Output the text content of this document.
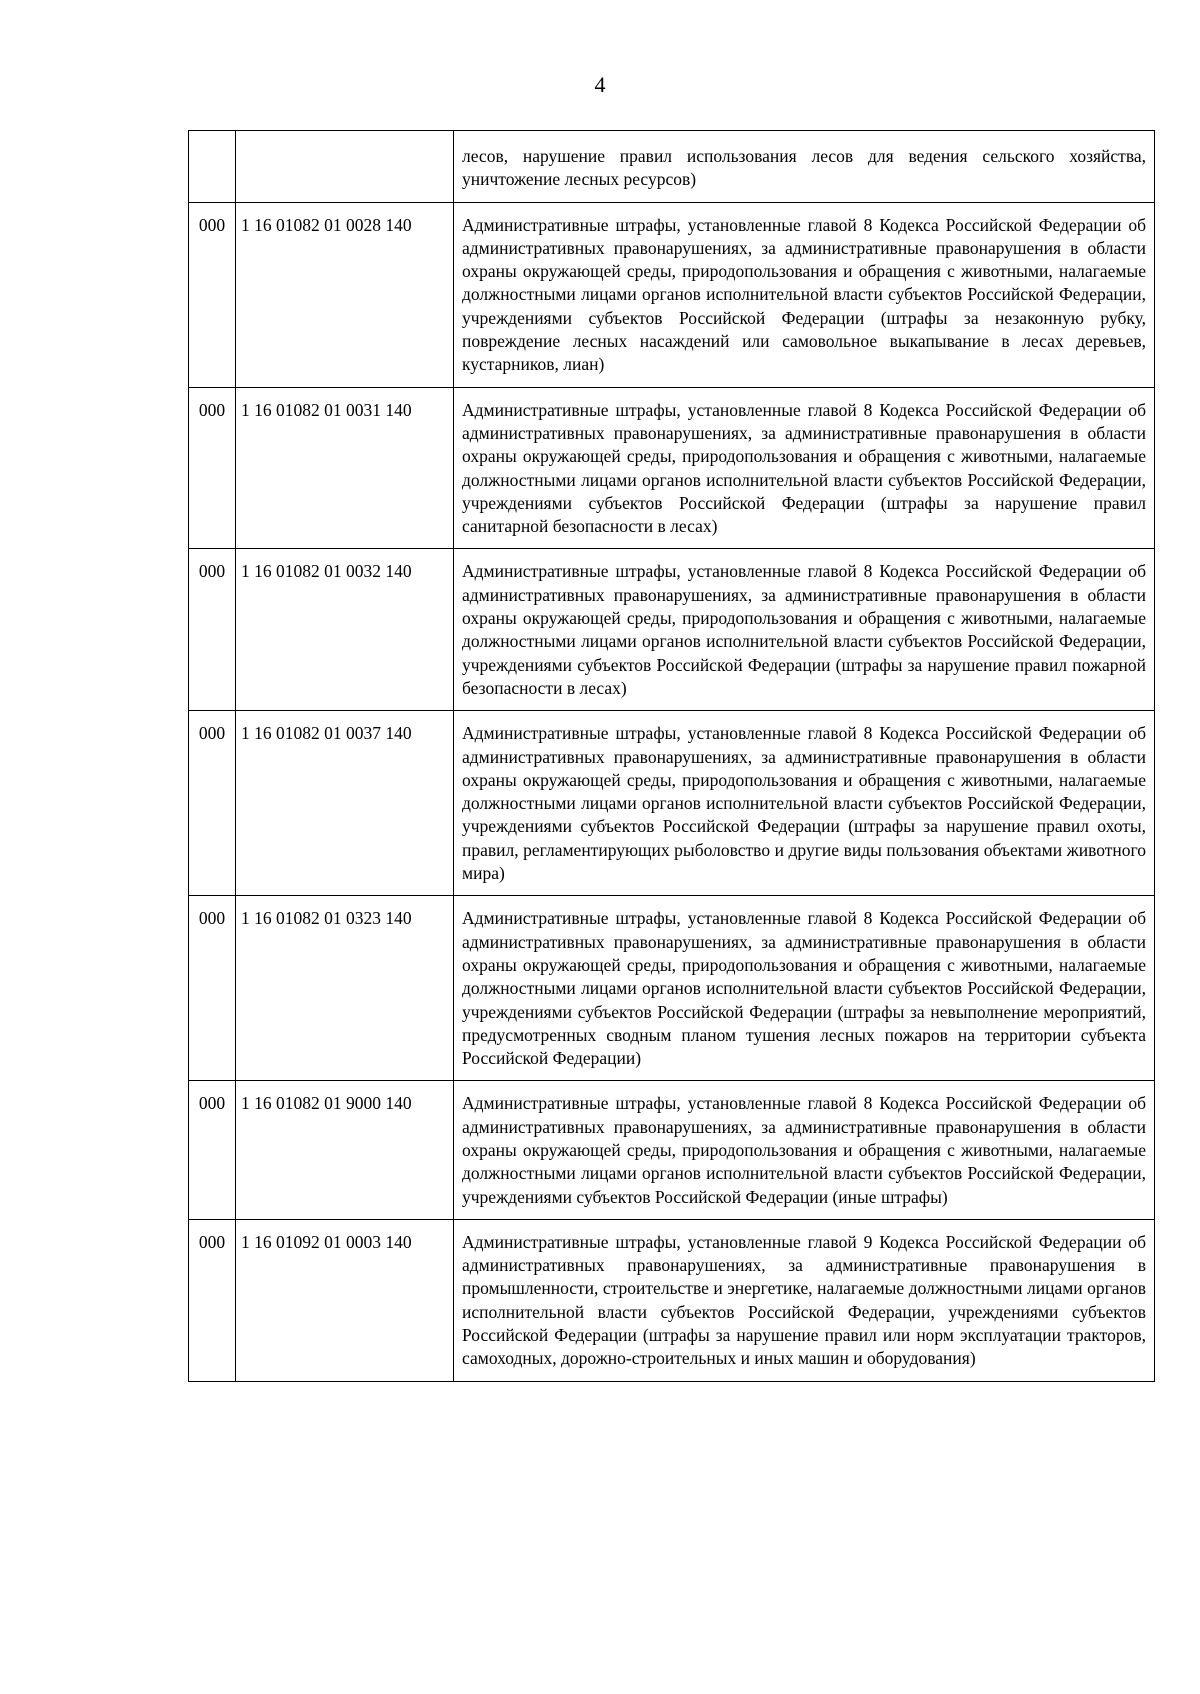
4
		лесов, нарушение правил использования лесов для ведения сельского хозяйства, уничтожение лесных ресурсов)
000	1 16 01082 01 0028 140	Административные штрафы, установленные главой 8 Кодекса Российской Федерации об административных правонарушениях, за административные правонарушения в области охраны окружающей среды, природопользования и обращения с животными, налагаемые должностными лицами органов исполнительной власти субъектов Российской Федерации, учреждениями субъектов Российской Федерации (штрафы за незаконную рубку, повреждение лесных насаждений или самовольное выкапывание в лесах деревьев, кустарников, лиан)
000	1 16 01082 01 0031 140	Административные штрафы, установленные главой 8 Кодекса Российской Федерации об административных правонарушениях, за административные правонарушения в области охраны окружающей среды, природопользования и обращения с животными, налагаемые должностными лицами органов исполнительной власти субъектов Российской Федерации, учреждениями субъектов Российской Федерации (штрафы за нарушение правил санитарной безопасности в лесах)
000	1 16 01082 01 0032 140	Административные штрафы, установленные главой 8 Кодекса Российской Федерации об административных правонарушениях, за административные правонарушения в области охраны окружающей среды, природопользования и обращения с животными, налагаемые должностными лицами органов исполнительной власти субъектов Российской Федерации, учреждениями субъектов Российской Федерации (штрафы за нарушение правил пожарной безопасности в лесах)
000	1 16 01082 01 0037 140	Административные штрафы, установленные главой 8 Кодекса Российской Федерации об административных правонарушениях, за административные правонарушения в области охраны окружающей среды, природопользования и обращения с животными, налагаемые должностными лицами органов исполнительной власти субъектов Российской Федерации, учреждениями субъектов Российской Федерации (штрафы за нарушение правил охоты, правил, регламентирующих рыболовство и другие виды пользования объектами животного мира)
000	1 16 01082 01 0323 140	Административные штрафы, установленные главой 8 Кодекса Российской Федерации об административных правонарушениях, за административные правонарушения в области охраны окружающей среды, природопользования и обращения с животными, налагаемые должностными лицами органов исполнительной власти субъектов Российской Федерации, учреждениями субъектов Российской Федерации (штрафы за невыполнение мероприятий, предусмотренных сводным планом тушения лесных пожаров на территории субъекта Российской Федерации)
000	1 16 01082 01 9000 140	Административные штрафы, установленные главой 8 Кодекса Российской Федерации об административных правонарушениях, за административные правонарушения в области охраны окружающей среды, природопользования и обращения с животными, налагаемые должностными лицами органов исполнительной власти субъектов Российской Федерации, учреждениями субъектов Российской Федерации (иные штрафы)
000	1 16 01092 01 0003 140	Административные штрафы, установленные главой 9 Кодекса Российской Федерации об административных правонарушениях, за административные правонарушения в промышленности, строительстве и энергетике, налагаемые должностными лицами органов исполнительной власти субъектов Российской Федерации, учреждениями субъектов Российской Федерации (штрафы за нарушение правил или норм эксплуатации тракторов, самоходных, дорожно-строительных и иных машин и оборудования)
